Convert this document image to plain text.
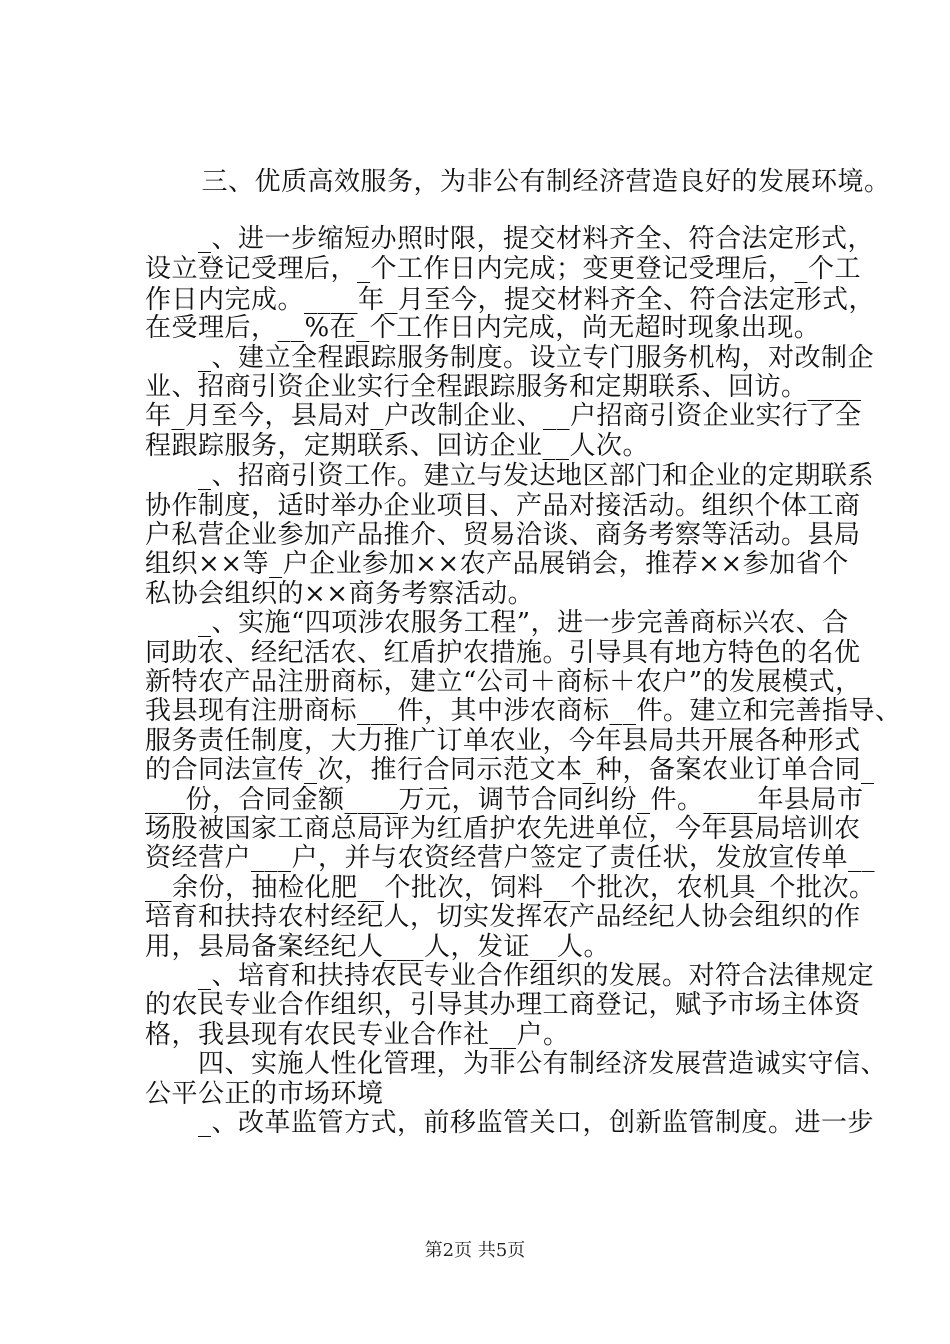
　三、优质高效服务，为非公有制经济营造良好的发展环境。
　　_、进一步缩短办照时限，提交材料齐全、符合法定形式，
设立登记受理后，_个工作日内完成；变更登记受理后，_个工
作日内完成。____年_月至今，提交材料齐全、符合法定形式，
在受理后，__%在_个工作日内完成，尚无超时现象出现。
　　_、建立全程跟踪服务制度。设立专门服务机构，对改制企
业、招商引资企业实行全程跟踪服务和定期联系、回访。____
年_月至今，县局对_户改制企业、__户招商引资企业实行了全
程跟踪服务，定期联系、回访企业__人次。
　　_、招商引资工作。建立与发达地区部门和企业的定期联系
协作制度，适时举办企业项目、产品对接活动。组织个体工商
户私营企业参加产品推介、贸易洽谈、商务考察等活动。县局
组织××等_户企业参加××农产品展销会，推荐××参加省个
私协会组织的××商务考察活动。
　　_、实施“四项涉农服务工程”，进一步完善商标兴农、合
同助农、经纪活农、红盾护农措施。引导具有地方特色的名优
新特农产品注册商标，建立“公司＋商标＋农户”的发展模式，
我县现有注册商标___件，其中涉农商标__件。建立和完善指导、
服务责任制度，大力推广订单农业，今年县局共开展各种形式
的合同法宣传_次，推行合同示范文本_种，备案农业订单合同_
___份，合同金额____万元，调节合同纠纷_件。____年县局市
场股被国家工商总局评为红盾护农先进单位，今年县局培训农
资经营户___户，并与农资经营户签定了责任状，发放宣传单__
__余份，抽检化肥__个批次，饲料__个批次，农机具_个批次。
培育和扶持农村经纪人，切实发挥农产品经纪人协会组织的作
用，县局备案经纪人___人，发证__人。
　　_、培育和扶持农民专业合作组织的发展。对符合法律规定
的农民专业合作组织，引导其办理工商登记，赋予市场主体资
格，我县现有农民专业合作社__户。
　　四、实施人性化管理，为非公有制经济发展营造诚实守信、
公平公正的市场环境
　　_、改革监管方式，前移监管关口，创新监管制度。进一步
第2页 共5页
